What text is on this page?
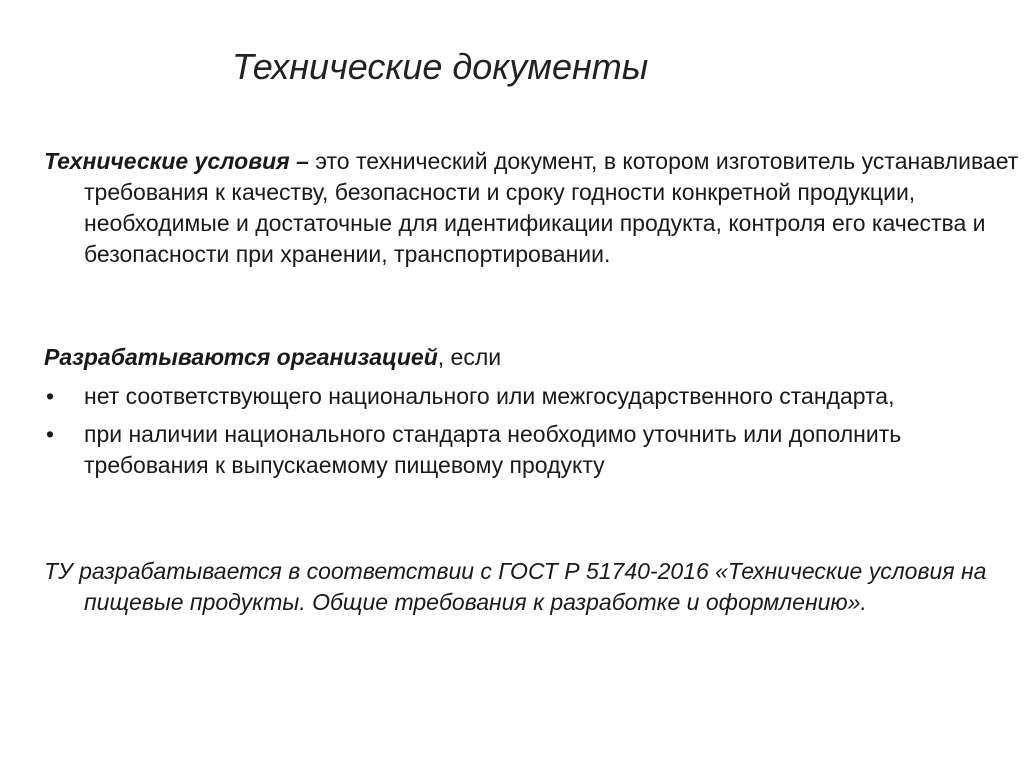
Технические документы
Технические условия – это технический документ, в котором изготовитель устанавливает требования к качеству, безопасности и сроку годности конкретной продукции, необходимые и достаточные для идентификации продукта, контроля его качества и безопасности при хранении, транспортировании.
Разрабатываются организацией, если
• нет соответствующего национального или межгосударственного стандарта,
• при наличии национального стандарта необходимо уточнить или дополнить требования к выпускаемому пищевому продукту
ТУ разрабатывается в соответствии с ГОСТ Р 51740-2016 «Технические условия на пищевые продукты. Общие требования к разработке и оформлению».
